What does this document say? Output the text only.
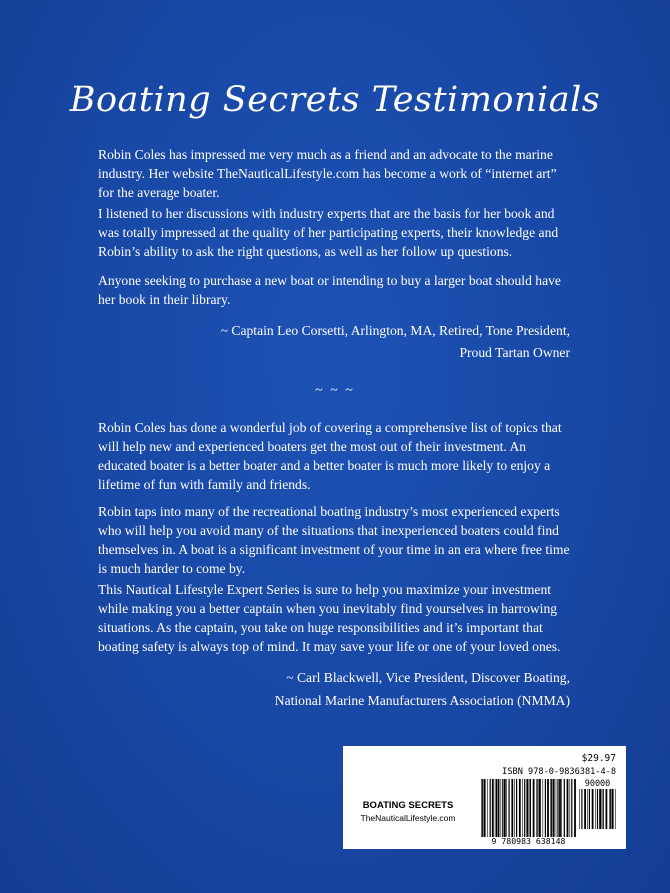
Boating Secrets Testimonials

Robin Coles has impressed me very much as a friend and an advocate to the marine industry. Her website TheNauticalLifestyle.com has become a work of “internet art” for the average boater.

I listened to her discussions with industry experts that are the basis for her book and was totally impressed at the quality of her participating experts, their knowledge and Robin’s ability to ask the right questions, as well as her follow up questions.

Anyone seeking to purchase a new boat or intending to buy a larger boat should have her book in their library.

~ Captain Leo Corsetti, Arlington, MA, Retired, Tone President,
Proud Tartan Owner
~ ~ ~

Robin Coles has done a wonderful job of covering a comprehensive list of topics that will help new and experienced boaters get the most out of their investment. An educated boater is a better boater and a better boater is much more likely to enjoy a lifetime of fun with family and friends.

Robin taps into many of the recreational boating industry’s most experienced experts who will help you avoid many of the situations that inexperienced boaters could find themselves in. A boat is a significant investment of your time in an era where free time is much harder to come by.

This Nautical Lifestyle Expert Series is sure to help you maximize your investment while making you a better captain when you inevitably find yourselves in harrowing situations. As the captain, you take on huge responsibilities and it’s important that boating safety is always top of mind. It may save your life or one of your loved ones.

~ Carl Blackwell, Vice President, Discover Boating,
National Marine Manufacturers Association (NMMA)
BOATING SECRETS
TheNauticalLifestyle.com
$29.97
ISBN 978-0-9836381-4-8
90000
9 780983 638148
